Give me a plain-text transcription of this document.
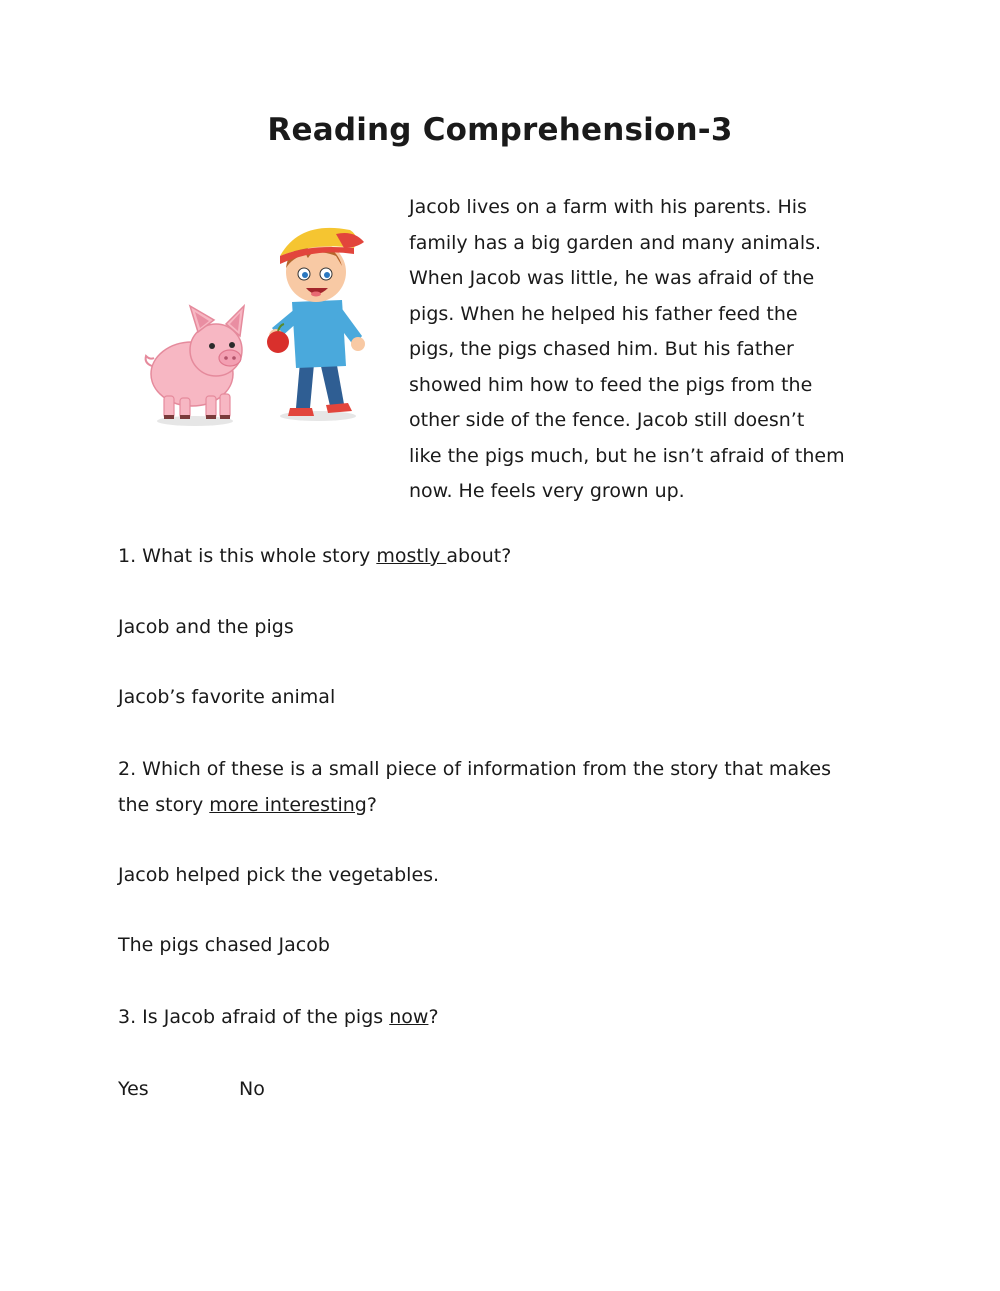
Reading Comprehension-3
Jacob lives on a farm with his parents. His
family has a big garden and many animals.
When Jacob was little, he was afraid of the
pigs. When he helped his father feed the
pigs, the pigs chased him. But his father
showed him how to feed the pigs from the
other side of the fence. Jacob still doesn’t
like the pigs much, but he isn’t afraid of them
now. He feels very grown up.
1. What is this whole story mostly about?
Jacob and the pigs
Jacob’s favorite animal
2. Which of these is a small piece of information from the story that makes
the story more interesting?
Jacob helped pick the vegetables.
The pigs chased Jacob
3. Is Jacob afraid of the pigs now?
Yes	No
